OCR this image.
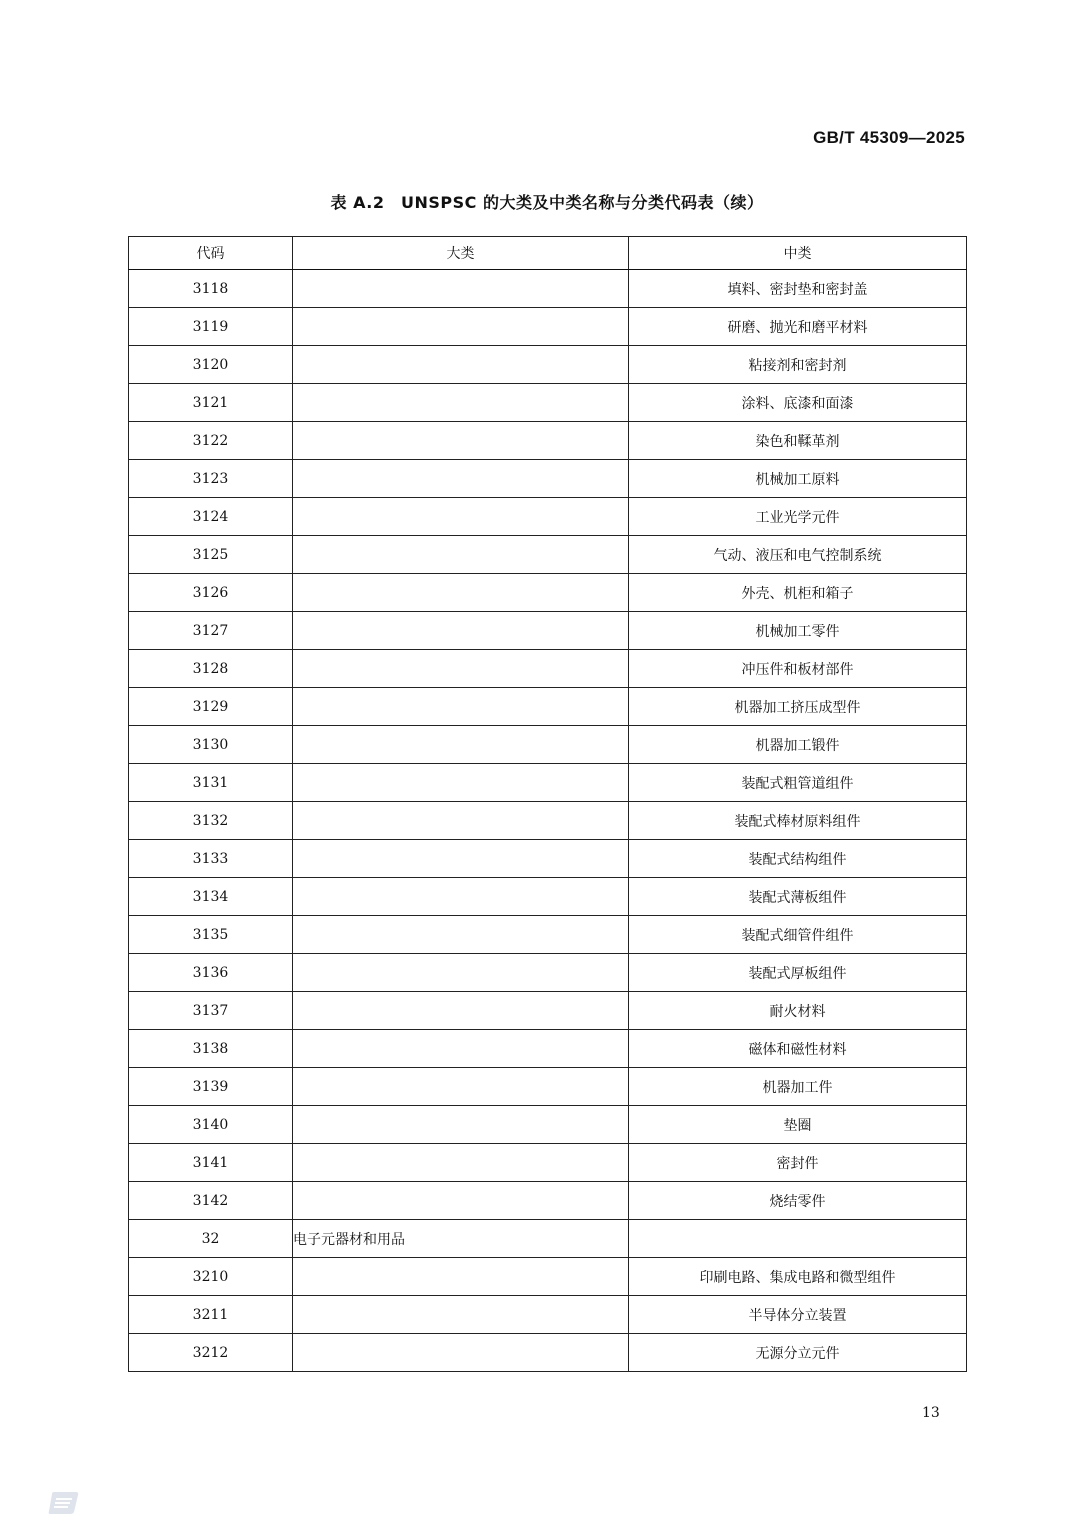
GB/T 45309—2025
表 A.2　UNSPSC 的大类及中类名称与分类代码表（续）
代码	大类	中类
3118		填料、密封垫和密封盖
3119		研磨、抛光和磨平材料
3120		粘接剂和密封剂
3121		涂料、底漆和面漆
3122		染色和鞣革剂
3123		机械加工原料
3124		工业光学元件
3125		气动、液压和电气控制系统
3126		外壳、机柜和箱子
3127		机械加工零件
3128		冲压件和板材部件
3129		机器加工挤压成型件
3130		机器加工锻件
3131		装配式粗管道组件
3132		装配式棒材原料组件
3133		装配式结构组件
3134		装配式薄板组件
3135		装配式细管件组件
3136		装配式厚板组件
3137		耐火材料
3138		磁体和磁性材料
3139		机器加工件
3140		垫圈
3141		密封件
3142		烧结零件
32	电子元器材和用品	
3210		印刷电路、集成电路和微型组件
3211		半导体分立装置
3212		无源分立元件
13
